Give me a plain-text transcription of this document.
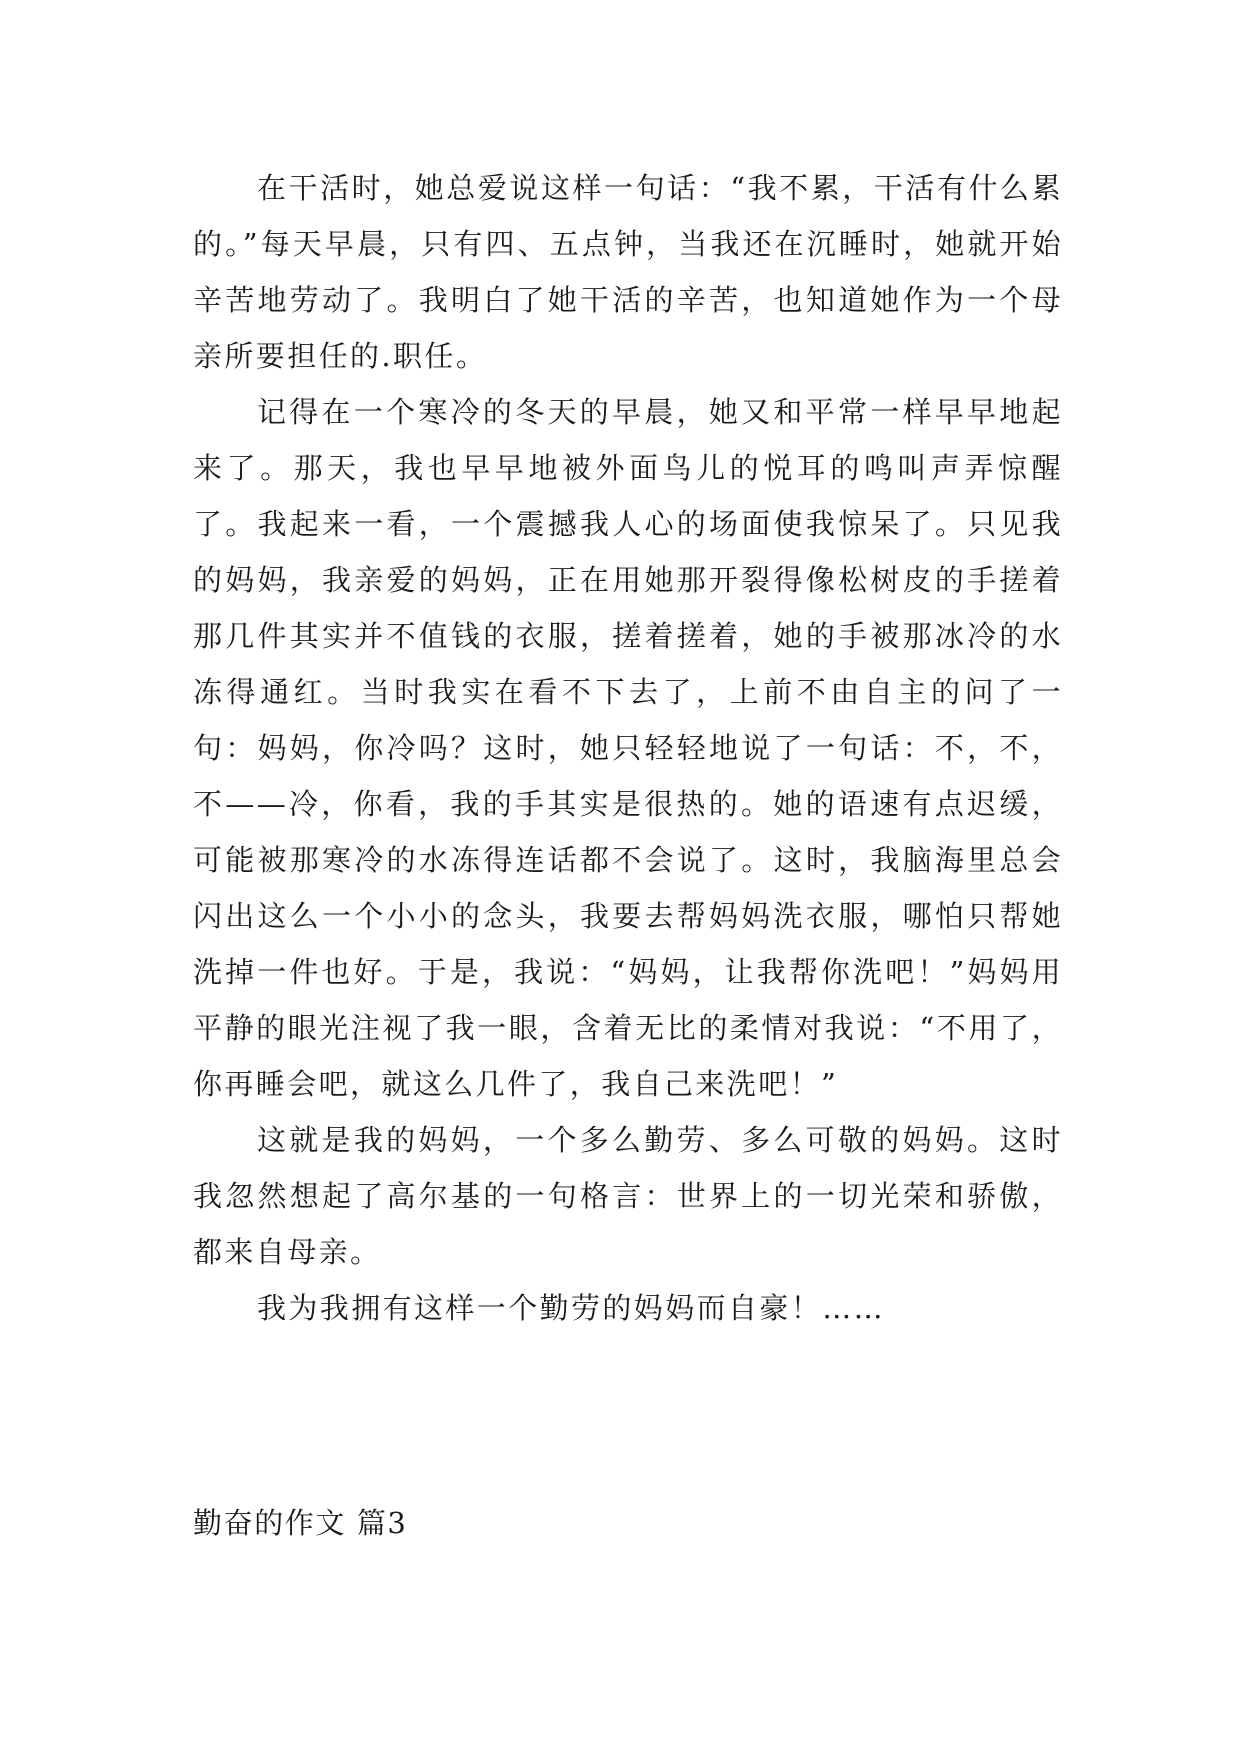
在干活时，她总爱说这样一句话：“我不累，干活有什么累的。”每天早晨，只有四、五点钟，当我还在沉睡时，她就开始辛苦地劳动了。我明白了她干活的辛苦，也知道她作为一个母亲所要担任的.职任。

记得在一个寒冷的冬天的早晨，她又和平常一样早早地起来了。那天，我也早早地被外面鸟儿的悦耳的鸣叫声弄惊醒了。我起来一看，一个震撼我人心的场面使我惊呆了。只见我的妈妈，我亲爱的妈妈，正在用她那开裂得像松树皮的手搓着那几件其实并不值钱的衣服，搓着搓着，她的手被那冰冷的水冻得通红。当时我实在看不下去了，上前不由自主的问了一句：妈妈，你冷吗？这时，她只轻轻地说了一句话：不，不，不——冷，你看，我的手其实是很热的。她的语速有点迟缓，可能被那寒冷的水冻得连话都不会说了。这时，我脑海里总会闪出这么一个小小的念头，我要去帮妈妈洗衣服，哪怕只帮她洗掉一件也好。于是，我说：“妈妈，让我帮你洗吧！”妈妈用平静的眼光注视了我一眼，含着无比的柔情对我说：“不用了，你再睡会吧，就这么几件了，我自己来洗吧！”

这就是我的妈妈，一个多么勤劳、多么可敬的妈妈。这时我忽然想起了高尔基的一句格言：世界上的一切光荣和骄傲，都来自母亲。

我为我拥有这样一个勤劳的妈妈而自豪！……

勤奋的作文 篇3
